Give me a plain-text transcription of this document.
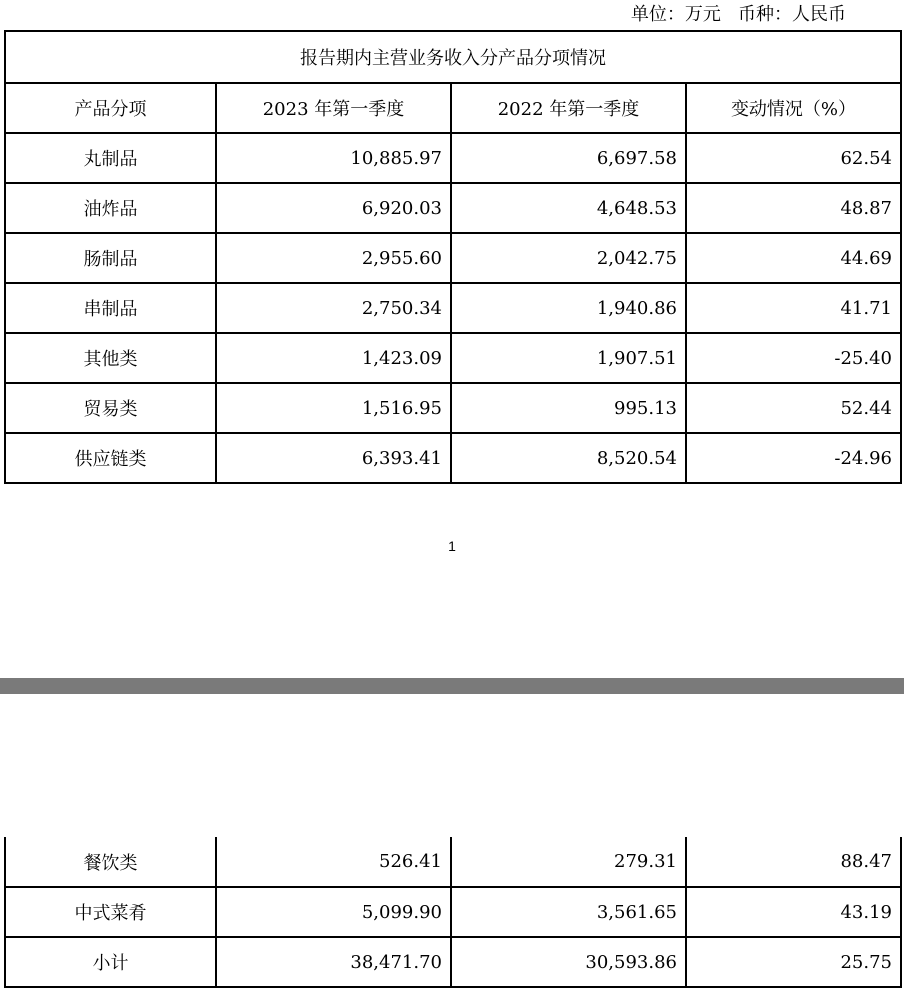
单位：万元 币种：人民币
报告期内主营业务收入分产品分项情况			
产品分项	2023 年第一季度	2022 年第一季度	变动情况（%）
丸制品	10,885.97	6,697.58	62.54
油炸品	6,920.03	4,648.53	48.87
肠制品	2,955.60	2,042.75	44.69
串制品	2,750.34	1,940.86	41.71
其他类	1,423.09	1,907.51	-25.40
贸易类	1,516.95	995.13	52.44
供应链类	6,393.41	8,520.54	-24.96
1
餐饮类	526.41	279.31	88.47
中式菜肴	5,099.90	3,561.65	43.19
小计	38,471.70	30,593.86	25.75
